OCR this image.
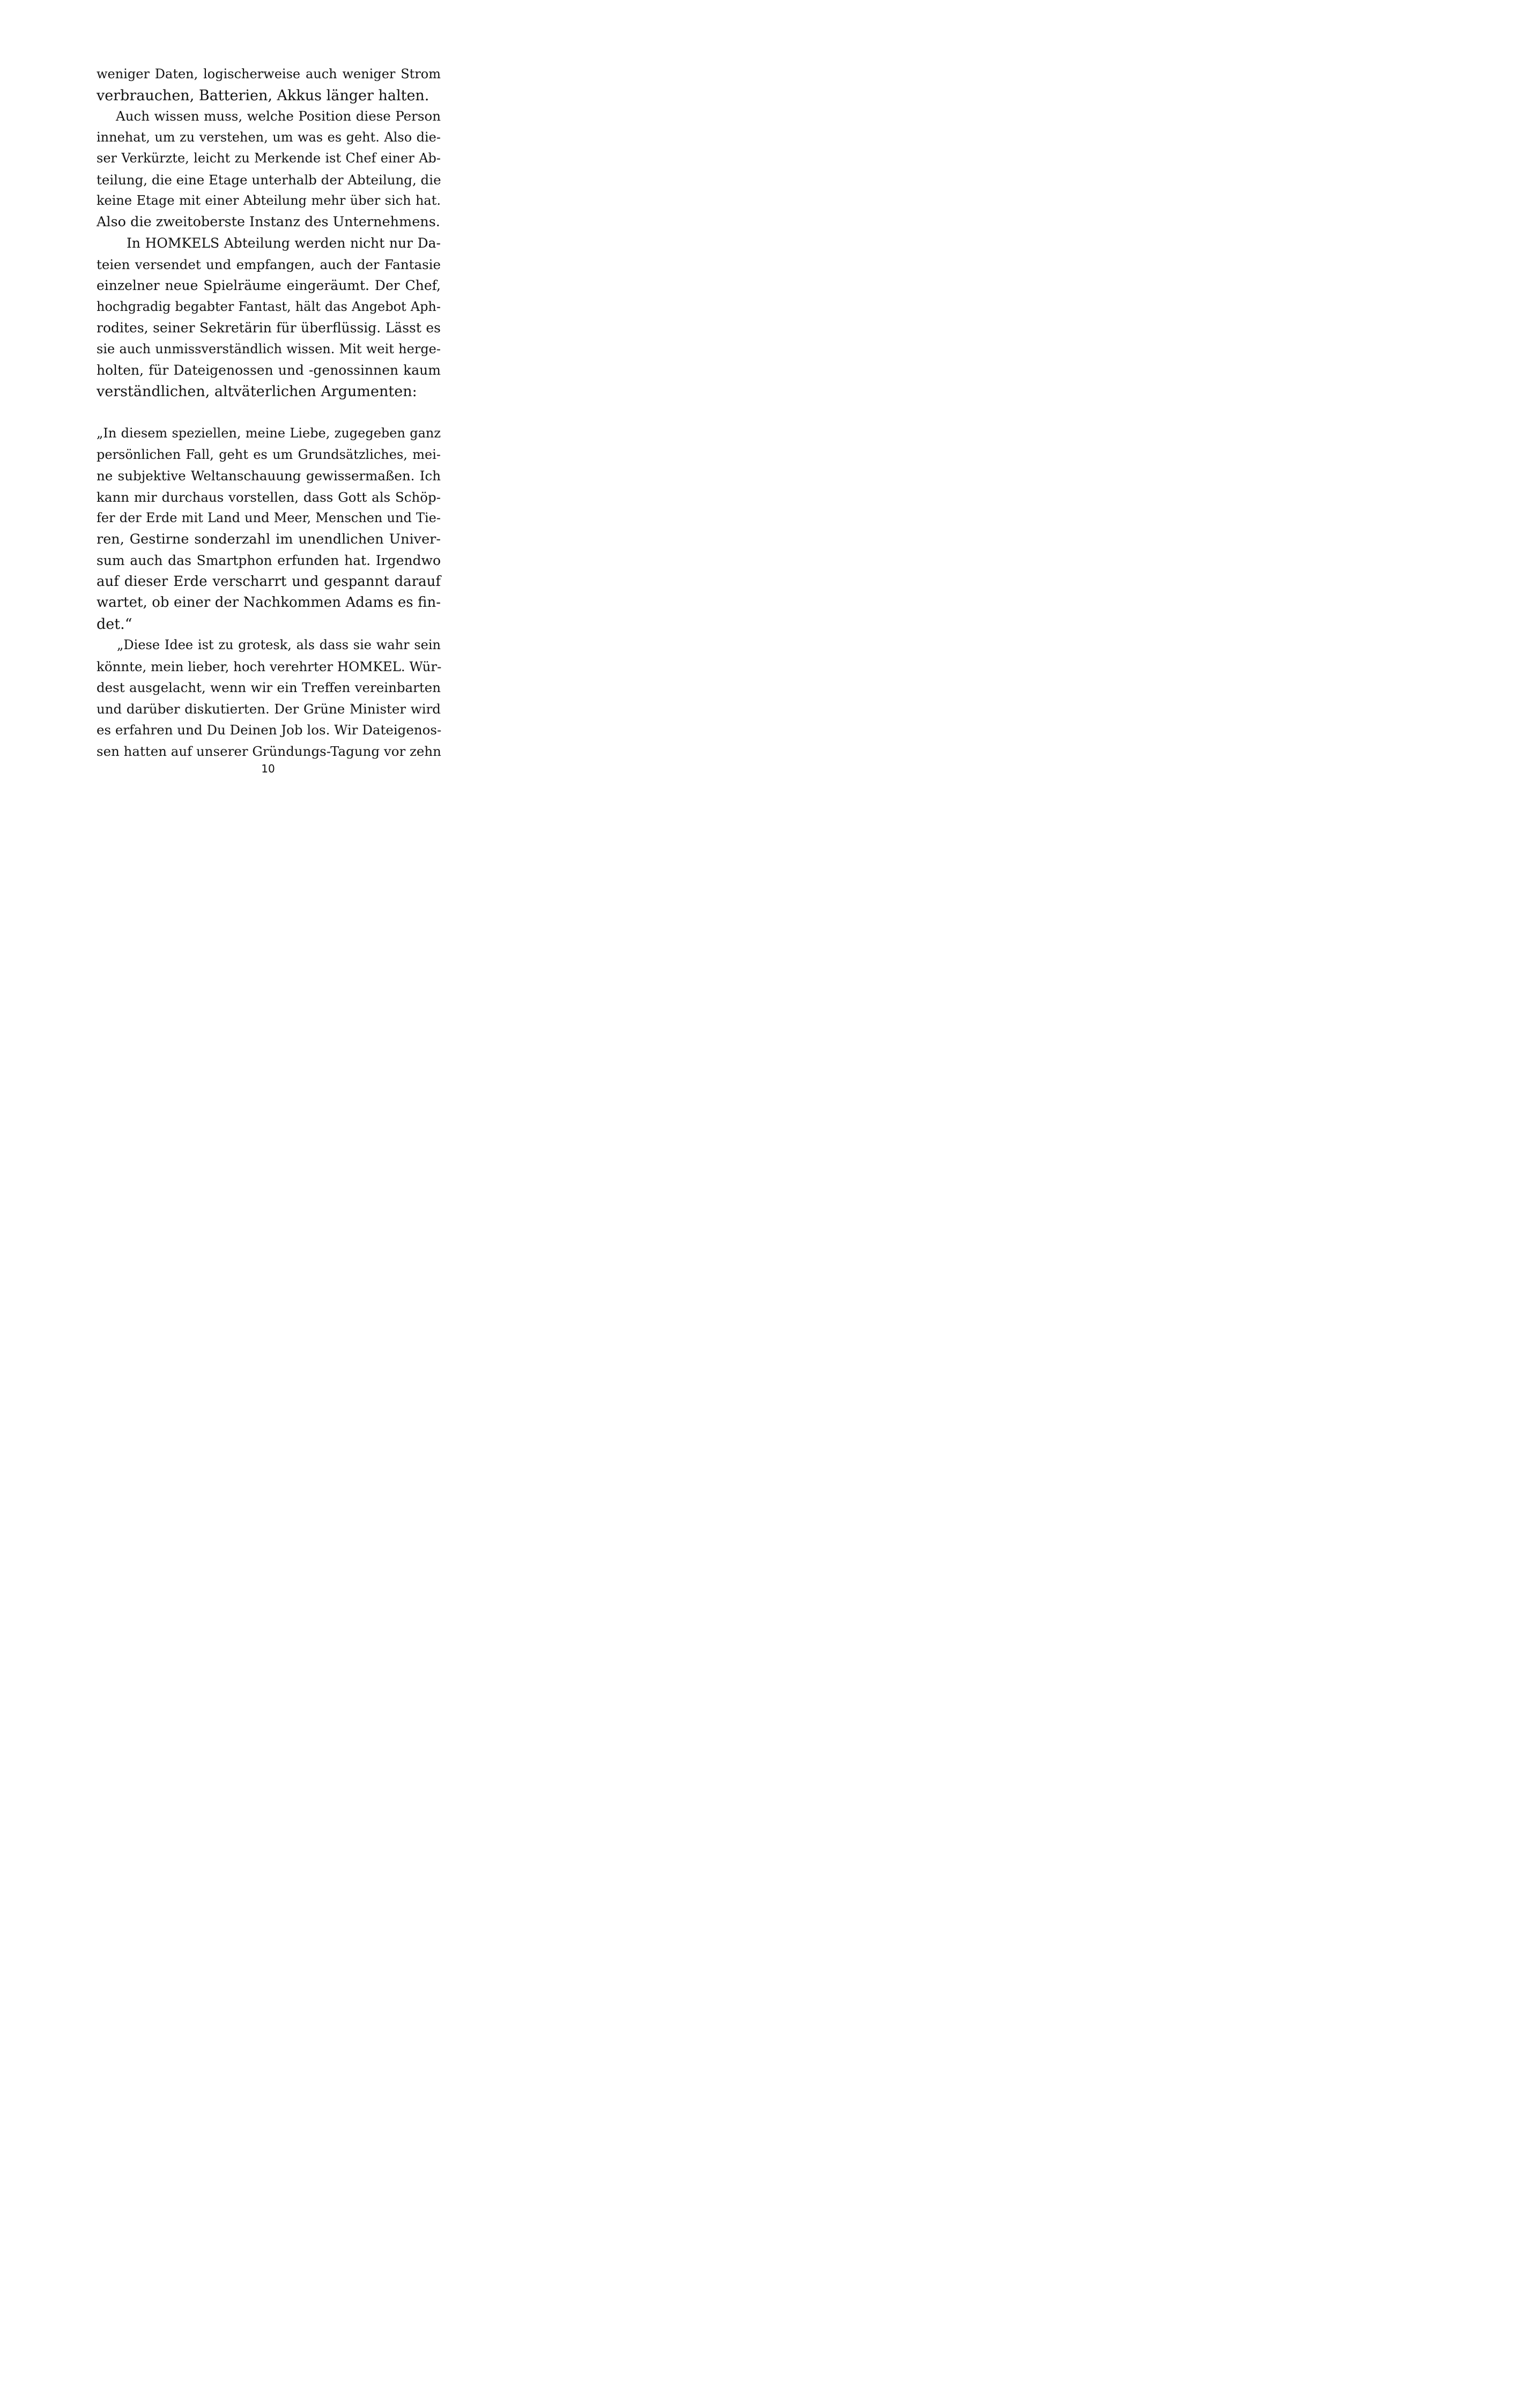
weniger Daten, logischerweise auch weniger Strom
verbrauchen, Batterien, Akkus länger halten.
Auch wissen muss, welche Position diese Person
innehat, um zu verstehen, um was es geht. Also die-
ser Verkürzte, leicht zu Merkende ist Chef einer Ab-
teilung, die eine Etage unterhalb der Abteilung, die
keine Etage mit einer Abteilung mehr über sich hat.
Also die zweitoberste Instanz des Unternehmens.
In HOMKELS Abteilung werden nicht nur Da-
teien versendet und empfangen, auch der Fantasie
einzelner neue Spielräume eingeräumt. Der Chef,
hochgradig begabter Fantast, hält das Angebot Aph-
rodites, seiner Sekretärin für überflüssig. Lässt es
sie auch unmissverständlich wissen. Mit weit herge-
holten, für Dateigenossen und -genossinnen kaum
verständlichen, altväterlichen Argumenten:
„In diesem speziellen, meine Liebe, zugegeben ganz
persönlichen Fall, geht es um Grundsätzliches, mei-
ne subjektive Weltanschauung gewissermaßen. Ich
kann mir durchaus vorstellen, dass Gott als Schöp-
fer der Erde mit Land und Meer, Menschen und Tie-
ren, Gestirne sonderzahl im unendlichen Univer-
sum auch das Smartphon erfunden hat. Irgendwo
auf dieser Erde verscharrt und gespannt darauf
wartet, ob einer der Nachkommen Adams es fin-
det.“
„Diese Idee ist zu grotesk, als dass sie wahr sein
könnte, mein lieber, hoch verehrter HOMKEL. Wür-
dest ausgelacht, wenn wir ein Treffen vereinbarten
und darüber diskutierten. Der Grüne Minister wird
es erfahren und Du Deinen Job los. Wir Dateigenos-
sen hatten auf unserer Gründungs-Tagung vor zehn
10
